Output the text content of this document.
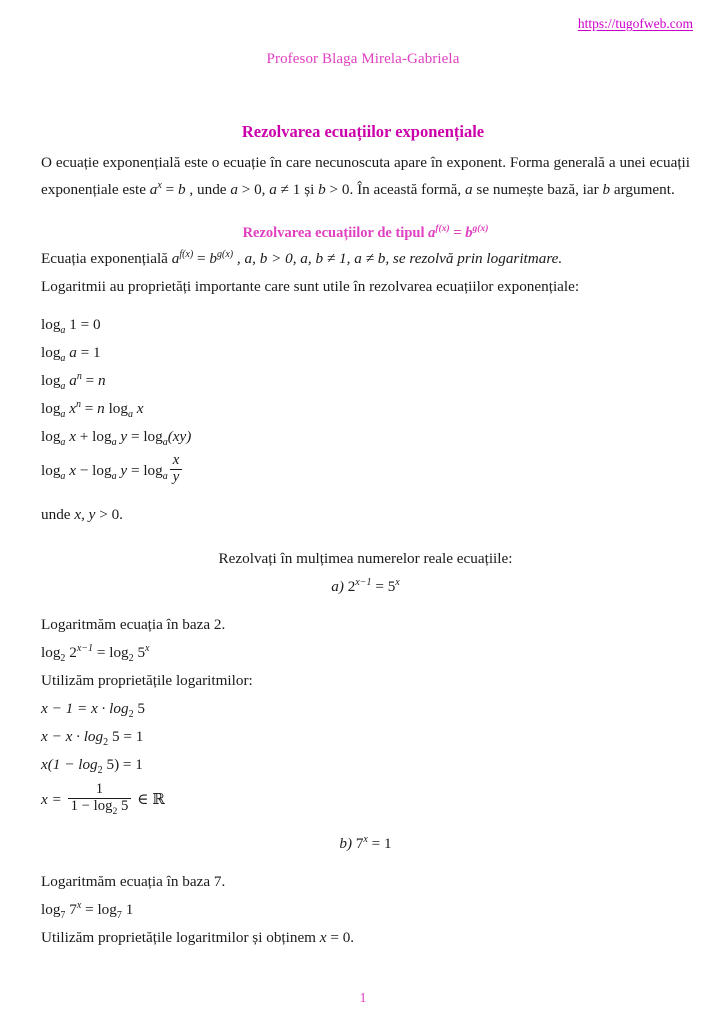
https://tugofweb.com
Profesor Blaga Mirela-Gabriela
Rezolvarea ecuațiilor exponențiale

O ecuație exponențială este o ecuație în care necunoscuta apare în exponent. Forma generală a unei ecuații exponențiale este $a^x = b$ , unde a > 0, a ≠ 1 și b > 0. În această formă, a se numește bază, iar b argument.

Rezolvarea ecuațiilor de tipul $a^{f(x)} = b^{g(x)}$

Ecuația exponențială $a^{f(x)} = b^{g(x)}$ , a, b > 0, a, b ≠ 1, a ≠ b, se rezolvă prin logaritmare.

Logaritmii au proprietăți importante care sunt utile în rezolvarea ecuațiilor exponențiale:

$\log_a 1 = 0$

$\log_a a = 1$

$\log_a a^n = n$

$\log_a x^n = n$ $\log_a x$

$\log_a x + \log_a y = \log_a(xy)$

$\log_a x - \log_a y = \log_a \frac{x}{y}$

unde x, y > 0.

Rezolvați în mulțimea numerelor reale ecuațiile:

a) $2^{x-1} = 5^x$

Logaritmăm ecuația în baza 2.

$\log_2 2^{x-1} = \log_2 5^x$

Utilizăm proprietățile logaritmilor:

$x - 1 = x \cdot \log_2 5$

$x - x \cdot \log_2 5 = 1$

$x(1 - \log_2 5) = 1$

$x = \frac{1}{1 - \log_2 5}$ ∈ ℝ

b) $7^x = 1$

Logaritmăm ecuația în baza 7.

$\log_7 7^x = \log_7 1$

Utilizăm proprietățile logaritmilor și obținem x = 0.

1
